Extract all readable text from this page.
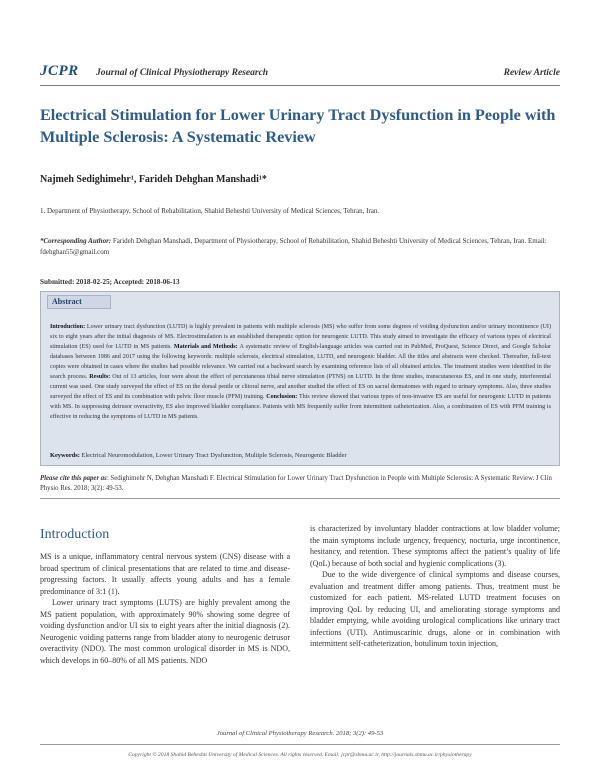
JCPR Journal of Clinical Physiotherapy Research	Review Article
Electrical Stimulation for Lower Urinary Tract Dysfunction in People with Multiple Sclerosis: A Systematic Review
Najmeh Sedighimehr¹, Farideh Dehghan Manshadi¹*
1. Department of Physiotherapy, School of Rehabilitation, Shahid Beheshti University of Medical Sciences, Tehran, Iran.
*Corresponding Author: Farideh Dehghan Manshadi, Department of Physiotherapy, School of Rehabilitation, Shahid Beheshti University of Medical Sciences, Tehran, Iran. Email: fdehghan55@gmail.com
Submitted: 2018-02-25; Accepted: 2018-06-13
Abstract

Introduction: Lower urinary tract dysfunction (LUTD) is highly prevalent in patients with multiple sclerosis (MS) who suffer from some degrees of voiding dysfunction and/or urinary incontinence (UI) six to eight years after the initial diagnosis of MS. Electrostimulation is an established therapeutic option for neurogenic LUTD. This study aimed to investigate the efficacy of various types of electrical stimulation (ES) used for LUTD in MS patients. Materials and Methods: A systematic review of English-language articles was carried out in PubMed, ProQuest, Science Direct, and Google Scholar databases between 1986 and 2017 using the following keywords: multiple sclerosis, electrical stimulation, LUTD, and neurogenic bladder. All the titles and abstracts were checked. Thereafter, full-text copies were obtained in cases where the studies had possible relevance. We carried out a backward search by examining reference lists of all obtained articles. The treatment studies were identified in the search process. Results: Out of 13 articles, four were about the effect of percutaneous tibial nerve stimulation (PTNS) on LUTD. In the three studies, transcutaneous ES, and in one study, interferential current was used. One study surveyed the effect of ES on the dorsal penile or clitoral nerve, and another studied the effect of ES on sacral dermatomes with regard to urinary symptoms. Also, three studies surveyed the effect of ES and its combination with pelvic floor muscle (PFM) training. Conclusion: This review showed that various types of non-invasive ES are useful for neurogenic LUTD in patients with MS. In suppressing detrusor overactivity, ES also improved bladder compliance. Patients with MS frequently suffer from intermittent catheterization. Also, a combination of ES with PFM training is effective in reducing the symptoms of LUTD in MS patients.

Keywords: Electrical Neuromodulation, Lower Urinary Tract Dysfunction, Multiple Sclerosis, Neurogenic Bladder
Please cite this paper as: Sedighimehr N, Dehghan Manshadi F. Electrical Stimulation for Lower Urinary Tract Dysfunction in People with Multiple Sclerosis: A Systematic Review. J Clin Physio Res. 2018; 3(2): 49-53.
Introduction

MS is a unique, inflammatory central nervous system (CNS) disease with a broad spectrum of clinical presentations that are related to time and disease-progressing factors. It usually affects young adults and has a female predominance of 3:1 (1).

Lower urinary tract symptoms (LUTS) are highly prevalent among the MS patient population, with approximately 90% showing some degree of voiding dysfunction and/or UI six to eight years after the initial diagnosis (2). Neurogenic voiding patterns range from bladder atony to neurogenic detrusor overactivity (NDO). The most common urological disorder in MS is NDO, which develops in 60–80% of all MS patients. NDO

is characterized by involuntary bladder contractions at low bladder volume; the main symptoms include urgency, frequency, nocturia, urge incontinence, hesitancy, and retention. These symptoms affect the patient’s quality of life (QoL) because of both social and hygienic complications (3).

Due to the wide divergence of clinical symptoms and disease courses, evaluation and treatment differ among patients. Thus, treatment must be customized for each patient. MS-related LUTD treatment focuses on improving QoL by reducing UI, and ameliorating storage symptoms and bladder emptying, while avoiding urological complications like urinary tract infections (UTI). Antimuscarinic drugs, alone or in combination with intermittent self-catheterization, botulinum toxin injection,

Journal of Clinical Physiotherapy Research. 2018; 3(2): 49-53
Copyright © 2018 Shahid Beheshti University of Medical Sciences. All rights reserved. Email: jcpr@sbmu.ac.ir, http://journals.sbmu.ac.ir/physiotherapy
